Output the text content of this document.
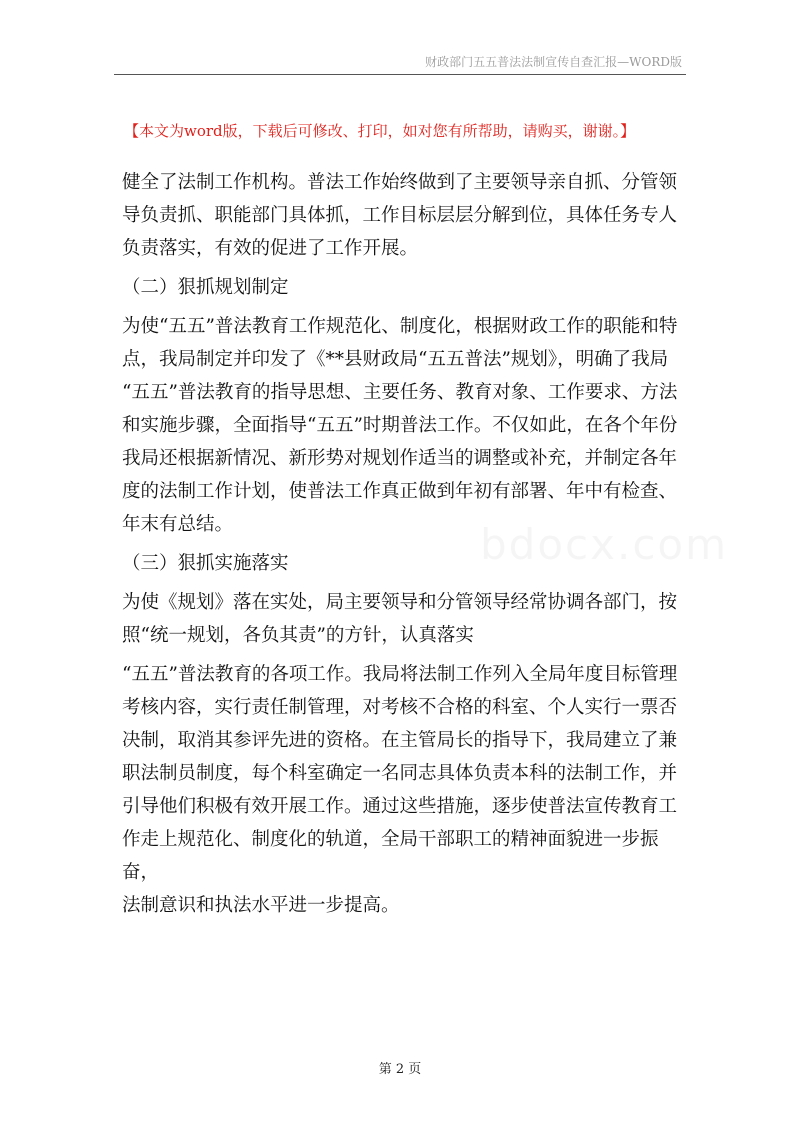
财政部门五五普法法制宣传自查汇报—WORD版
【本文为word版，下载后可修改、打印，如对您有所帮助，请购买，谢谢。】

健全了法制工作机构。普法工作始终做到了主要领导亲自抓、分管领

导负责抓、职能部门具体抓，工作目标层层分解到位，具体任务专人

负责落实，有效的促进了工作开展。

（二）狠抓规划制定

为使“五五”普法教育工作规范化、制度化，根据财政工作的职能和特

点，我局制定并印发了《**县财政局“五五普法”规划》，明确了我局

“五五”普法教育的指导思想、主要任务、教育对象、工作要求、方法

和实施步骤，全面指导“五五”时期普法工作。不仅如此，在各个年份

我局还根据新情况、新形势对规划作适当的调整或补充，并制定各年

度的法制工作计划，使普法工作真正做到年初有部署、年中有检查、

年末有总结。

（三）狠抓实施落实

为使《规划》落在实处，局主要领导和分管领导经常协调各部门，按

照“统一规划，各负其责”的方针，认真落实

“五五”普法教育的各项工作。我局将法制工作列入全局年度目标管理

考核内容，实行责任制管理，对考核不合格的科室、个人实行一票否

决制，取消其参评先进的资格。在主管局长的指导下，我局建立了兼

职法制员制度，每个科室确定一名同志具体负责本科的法制工作，并

引导他们积极有效开展工作。通过这些措施，逐步使普法宣传教育工

作走上规范化、制度化的轨道，全局干部职工的精神面貌进一步振奋，

法制意识和执法水平进一步提高。

第 2 页
